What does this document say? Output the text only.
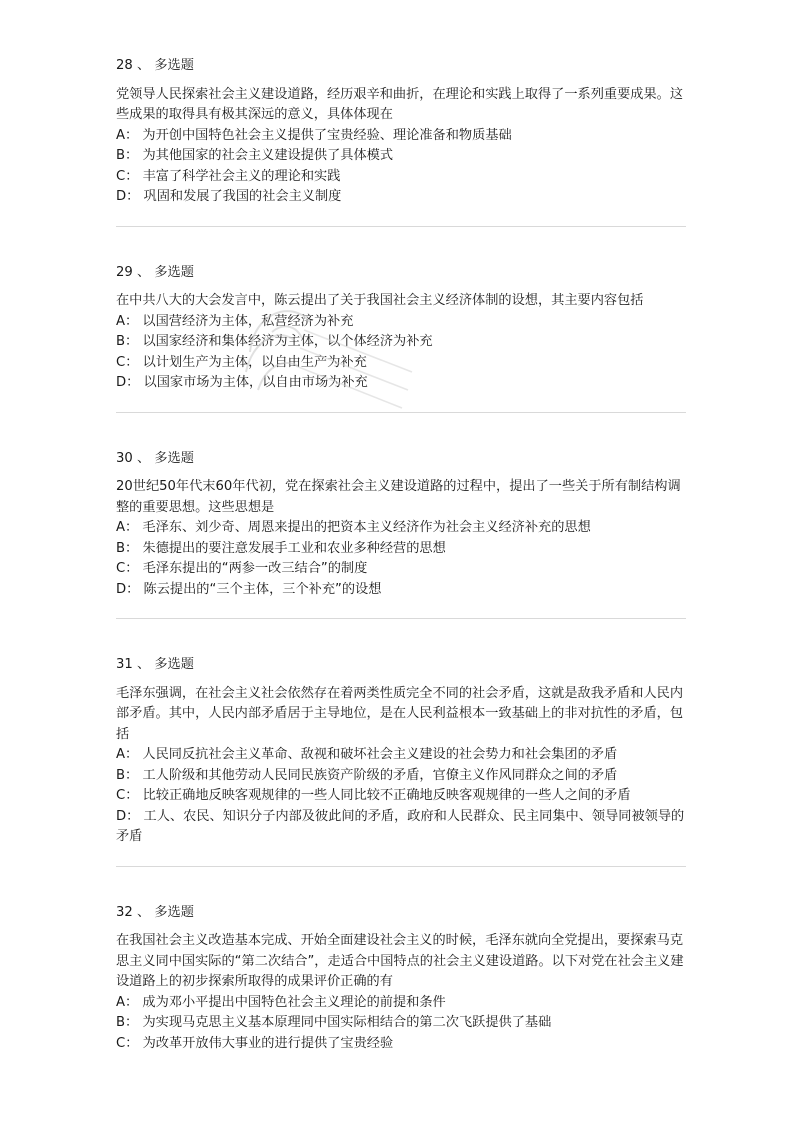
28 、 多选题

党领导人民探索社会主义建设道路，经历艰辛和曲折，在理论和实践上取得了一系列重要成果。这些成果的取得具有极其深远的意义，具体体现在

A： 为开创中国特色社会主义提供了宝贵经验、理论准备和物质基础
B： 为其他国家的社会主义建设提供了具体模式
C： 丰富了科学社会主义的理论和实践
D： 巩固和发展了我国的社会主义制度
29 、 多选题

在中共八大的大会发言中，陈云提出了关于我国社会主义经济体制的设想，其主要内容包括

A： 以国营经济为主体，私营经济为补充
B： 以国家经济和集体经济为主体，以个体经济为补充
C： 以计划生产为主体，以自由生产为补充
D： 以国家市场为主体，以自由市场为补充
30 、 多选题

20世纪50年代末60年代初，党在探索社会主义建设道路的过程中，提出了一些关于所有制结构调整的重要思想。这些思想是

A： 毛泽东、刘少奇、周恩来提出的把资本主义经济作为社会主义经济补充的思想
B： 朱德提出的要注意发展手工业和农业多种经营的思想
C： 毛泽东提出的“两参一改三结合”的制度
D： 陈云提出的“三个主体，三个补充”的设想
31 、 多选题

毛泽东强调，在社会主义社会依然存在着两类性质完全不同的社会矛盾，这就是敌我矛盾和人民内部矛盾。其中，人民内部矛盾居于主导地位，是在人民利益根本一致基础上的非对抗性的矛盾，包括

A： 人民同反抗社会主义革命、敌视和破坏社会主义建设的社会势力和社会集团的矛盾
B： 工人阶级和其他劳动人民同民族资产阶级的矛盾，官僚主义作风同群众之间的矛盾
C： 比较正确地反映客观规律的一些人同比较不正确地反映客观规律的一些人之间的矛盾
D： 工人、农民、知识分子内部及彼此间的矛盾，政府和人民群众、民主同集中、领导同被领导的矛盾
32 、 多选题

在我国社会主义改造基本完成、开始全面建设社会主义的时候，毛泽东就向全党提出，要探索马克思主义同中国实际的“第二次结合”，走适合中国特点的社会主义建设道路。以下对党在社会主义建设道路上的初步探索所取得的成果评价正确的有

A： 成为邓小平提出中国特色社会主义理论的前提和条件
B： 为实现马克思主义基本原理同中国实际相结合的第二次飞跃提供了基础
C： 为改革开放伟大事业的进行提供了宝贵经验
